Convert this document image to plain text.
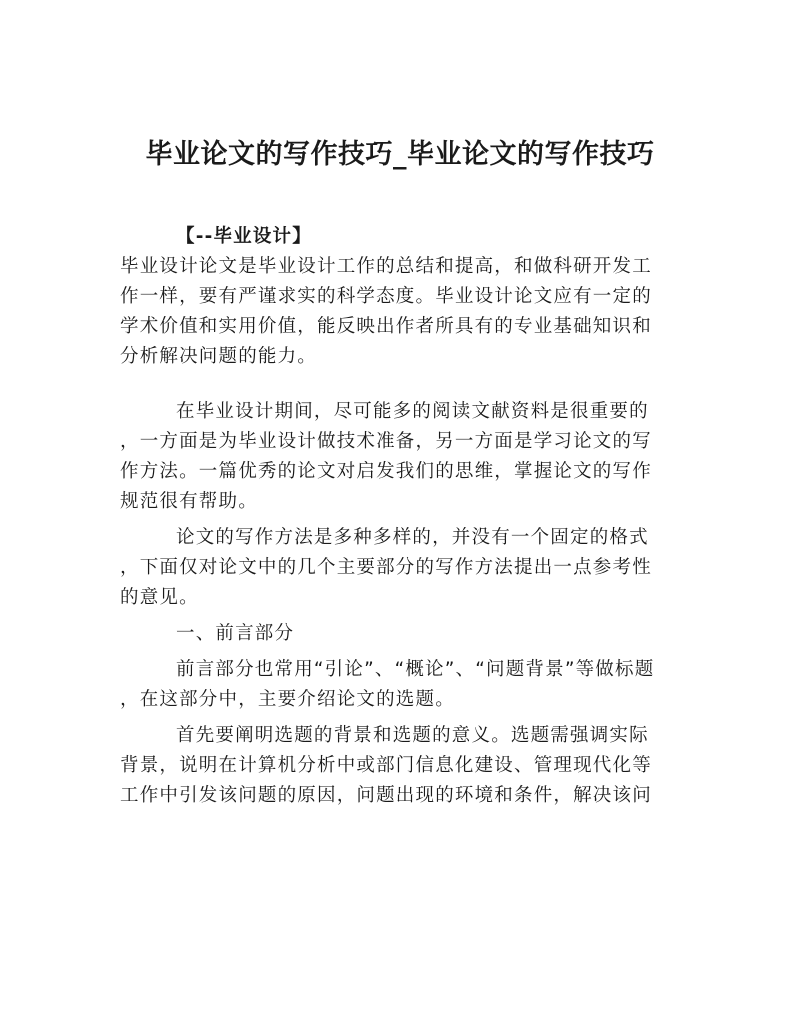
毕业论文的写作技巧_毕业论文的写作技巧
【--毕业设计】
毕业设计论文是毕业设计工作的总结和提高，和做科研开发工
作一样，要有严谨求实的科学态度。毕业设计论文应有一定的
学术价值和实用价值，能反映出作者所具有的专业基础知识和
分析解决问题的能力。
在毕业设计期间，尽可能多的阅读文献资料是很重要的
，一方面是为毕业设计做技术准备，另一方面是学习论文的写
作方法。一篇优秀的论文对启发我们的思维，掌握论文的写作
规范很有帮助。
论文的写作方法是多种多样的，并没有一个固定的格式
，下面仅对论文中的几个主要部分的写作方法提出一点参考性
的意见。
一、前言部分
前言部分也常用“引论”、“概论”、“问题背景”等做标题
，在这部分中，主要介绍论文的选题。
首先要阐明选题的背景和选题的意义。选题需强调实际
背景，说明在计算机分析中或部门信息化建设、管理现代化等
工作中引发该问题的原因，问题出现的环境和条件，解决该问
